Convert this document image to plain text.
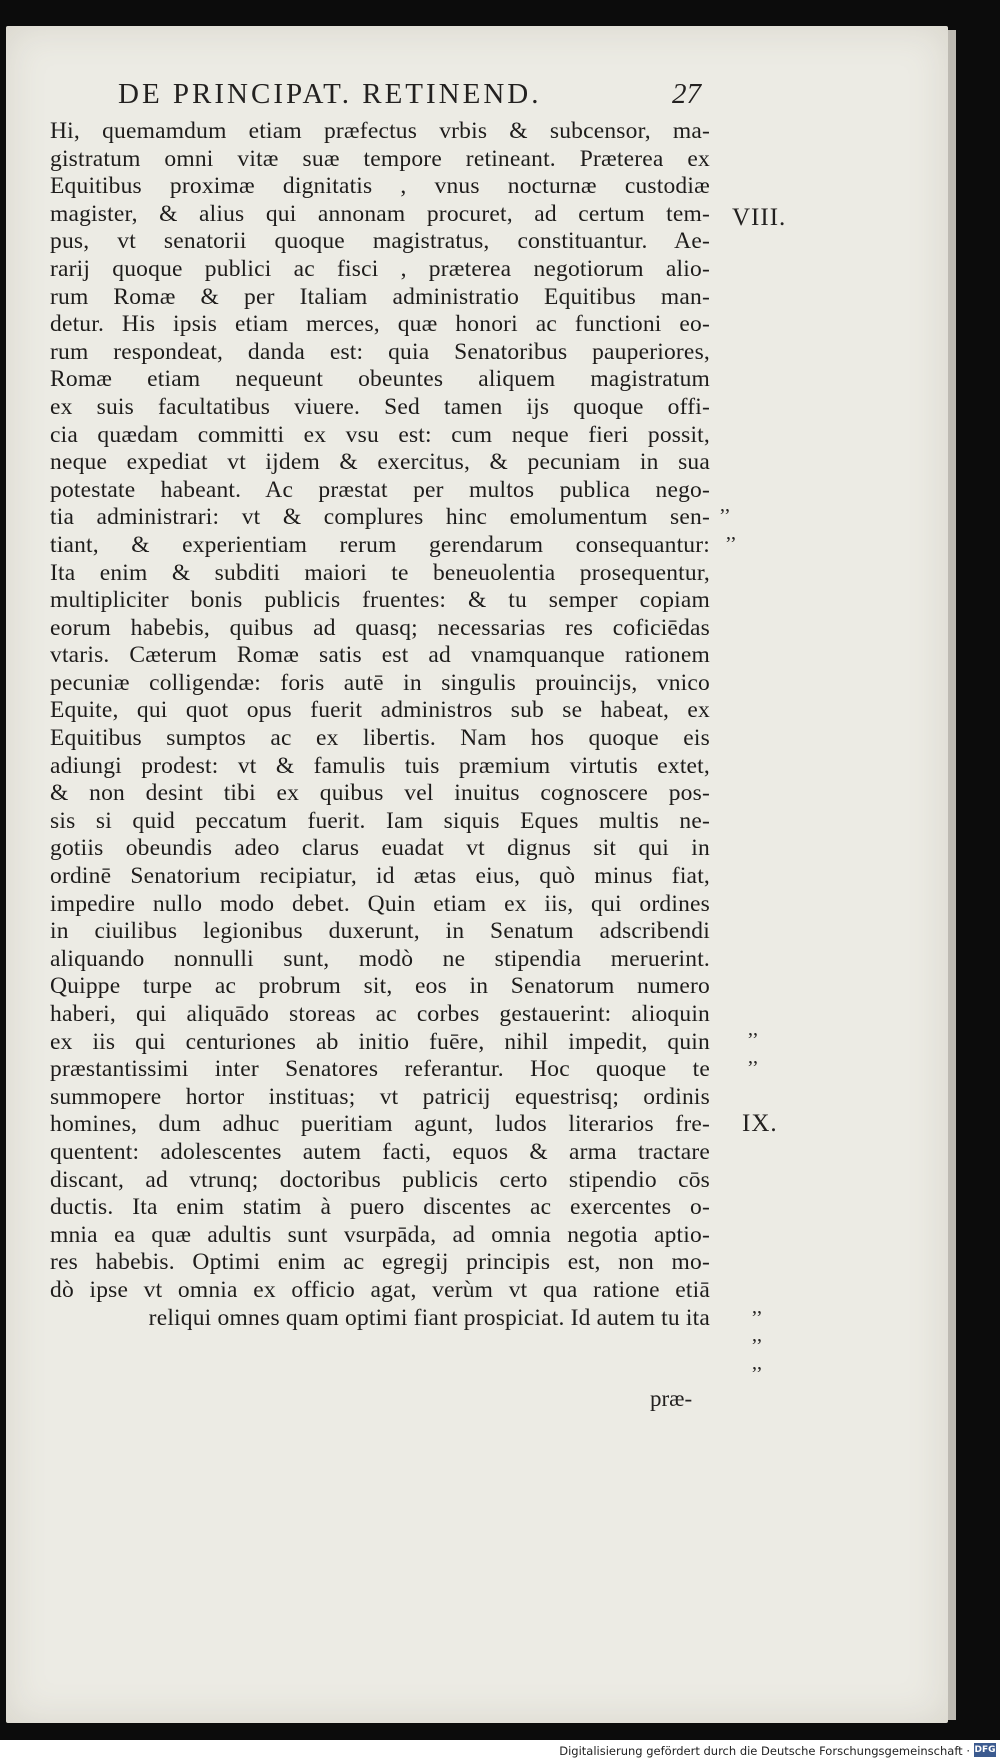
DE PRINCIPAT. RETINEND.	27
Hi, quemamdum etiam præfectus vrbis & subcensor, ma-
gistratum omni vitæ suæ tempore retineant. Præterea ex
Equitibus proximæ dignitatis , vnus nocturnæ custodiæ
magister, & alius qui annonam procuret, ad certum tem-
pus, vt senatorii quoque magistratus, constituantur. Ae-
rarij quoque publici ac fisci , præterea negotiorum alio-
rum Romæ & per Italiam administratio Equitibus man-
detur. His ipsis etiam merces, quæ honori ac functioni eo-
rum respondeat, danda est: quia Senatoribus pauperiores,
Romæ etiam nequeunt obeuntes aliquem magistratum
ex suis facultatibus viuere. Sed tamen ijs quoque offi-
cia quædam committi ex vsu est: cum neque fieri possit,
neque expediat vt ijdem & exercitus, & pecuniam in sua
potestate habeant. Ac præstat per multos publica nego-
tia administrari: vt & complures hinc emolumentum sen-
tiant, & experientiam rerum gerendarum consequantur:
Ita enim & subditi maiori te beneuolentia prosequentur,
multipliciter bonis publicis fruentes: & tu semper copiam
eorum habebis, quibus ad quasq; necessarias res coficiēdas
vtaris. Cæterum Romæ satis est ad vnamquanque rationem
pecuniæ colligendæ: foris autē in singulis prouincijs, vnico
Equite, qui quot opus fuerit administros sub se habeat, ex
Equitibus sumptos ac ex libertis. Nam hos quoque eis
adiungi prodest: vt & famulis tuis præmium virtutis extet,
& non desint tibi ex quibus vel inuitus cognoscere pos-
sis si quid peccatum fuerit. Iam siquis Eques multis ne-
gotiis obeundis adeo clarus euadat vt dignus sit qui in
ordinē Senatorium recipiatur, id ætas eius, quò minus fiat,
impedire nullo modo debet. Quin etiam ex iis, qui ordines
in ciuilibus legionibus duxerunt, in Senatum adscribendi
aliquando nonnulli sunt, modò ne stipendia meruerint.
Quippe turpe ac probrum sit, eos in Senatorum numero
haberi, qui aliquādo storeas ac corbes gestauerint: alioquin
ex iis qui centuriones ab initio fuēre, nihil impedit, quin
præstantissimi inter Senatores referantur. Hoc quoque te
summopere hortor instituas; vt patricij equestrisq; ordinis
homines, dum adhuc pueritiam agunt, ludos literarios fre-
quentent: adolescentes autem facti, equos & arma tractare
discant, ad vtrunq; doctoribus publicis certo stipendio cōs
ductis. Ita enim statim à puero discentes ac exercentes o-
mnia ea quæ adultis sunt vsurpāda, ad omnia negotia aptio-
res habebis. Optimi enim ac egregij principis est, non mo-
dò ipse vt omnia ex officio agat, verùm vt qua ratione etiā
reliqui omnes quam optimi fiant prospiciat. Id autem tu ita
præ-
VIII.
IX.
,,
,,
,,
,,
,,
,,
,,
Digitalisierung gefördert durch die Deutsche Forschungsgemeinschaft · DFG
